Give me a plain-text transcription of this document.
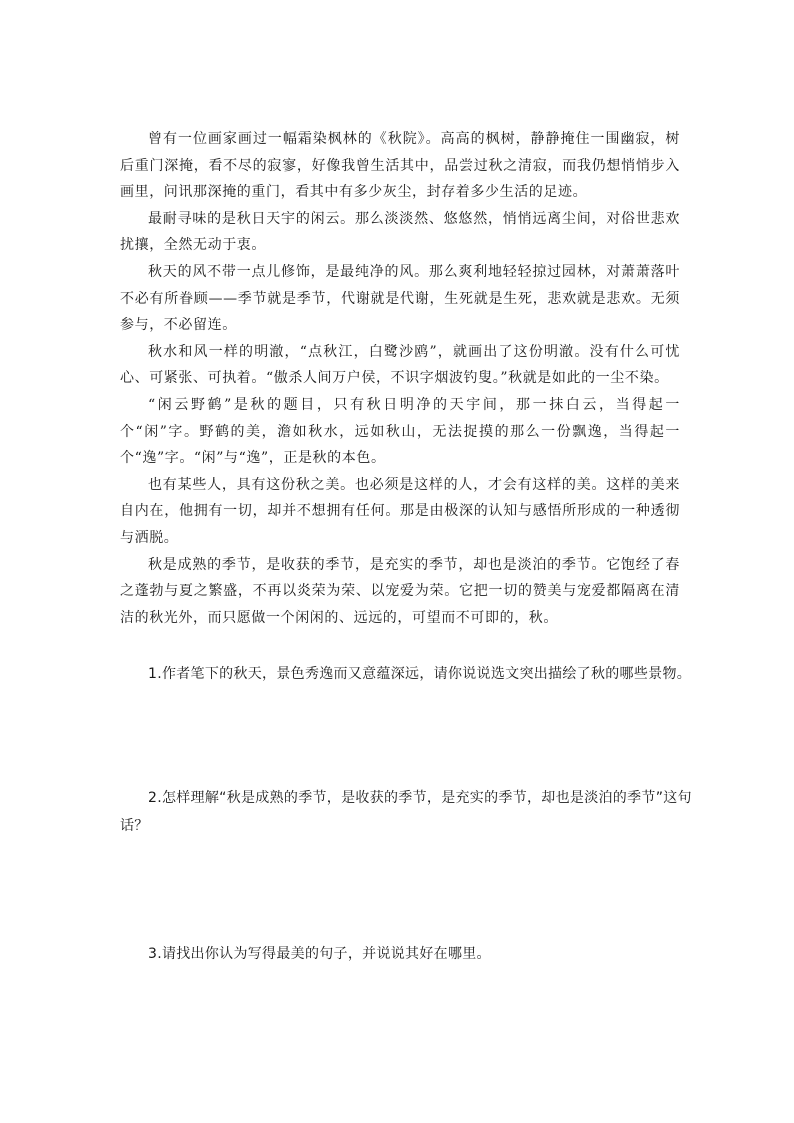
曾有一位画家画过一幅霜染枫林的《秋院》。高高的枫树，静静掩住一围幽寂，树后重门深掩，看不尽的寂寥，好像我曾生活其中，品尝过秋之清寂，而我仍想悄悄步入画里，问讯那深掩的重门，看其中有多少灰尘，封存着多少生活的足迹。

最耐寻味的是秋日天宇的闲云。那么淡淡然、悠悠然，悄悄远离尘间，对俗世悲欢扰攘，全然无动于衷。

秋天的风不带一点儿修饰，是最纯净的风。那么爽利地轻轻掠过园林，对萧萧落叶不必有所眷顾——季节就是季节，代谢就是代谢，生死就是生死，悲欢就是悲欢。无须参与，不必留连。

秋水和风一样的明澈，“点秋江，白鹭沙鸥”，就画出了这份明澈。没有什么可忧心、可紧张、可执着。“傲杀人间万户侯，不识字烟波钓叟。”秋就是如此的一尘不染。

“闲云野鹤”是秋的题目，只有秋日明净的天宇间，那一抹白云，当得起一个“闲”字。野鹤的美，澹如秋水，远如秋山，无法捉摸的那么一份飘逸，当得起一个“逸”字。“闲”与“逸”，正是秋的本色。

也有某些人，具有这份秋之美。也必须是这样的人，才会有这样的美。这样的美来自内在，他拥有一切，却并不想拥有任何。那是由极深的认知与感悟所形成的一种透彻与洒脱。

秋是成熟的季节，是收获的季节，是充实的季节，却也是淡泊的季节。它饱经了春之蓬勃与夏之繁盛，不再以炎荣为荣、以宠爱为荣。它把一切的赞美与宠爱都隔离在清洁的秋光外，而只愿做一个闲闲的、远远的，可望而不可即的，秋。

1.作者笔下的秋天，景色秀逸而又意蕴深远，请你说说选文突出描绘了秋的哪些景物。
2.怎样理解“秋是成熟的季节，是收获的季节，是充实的季节，却也是淡泊的季节”这句话？
3.请找出你认为写得最美的句子，并说说其好在哪里。
